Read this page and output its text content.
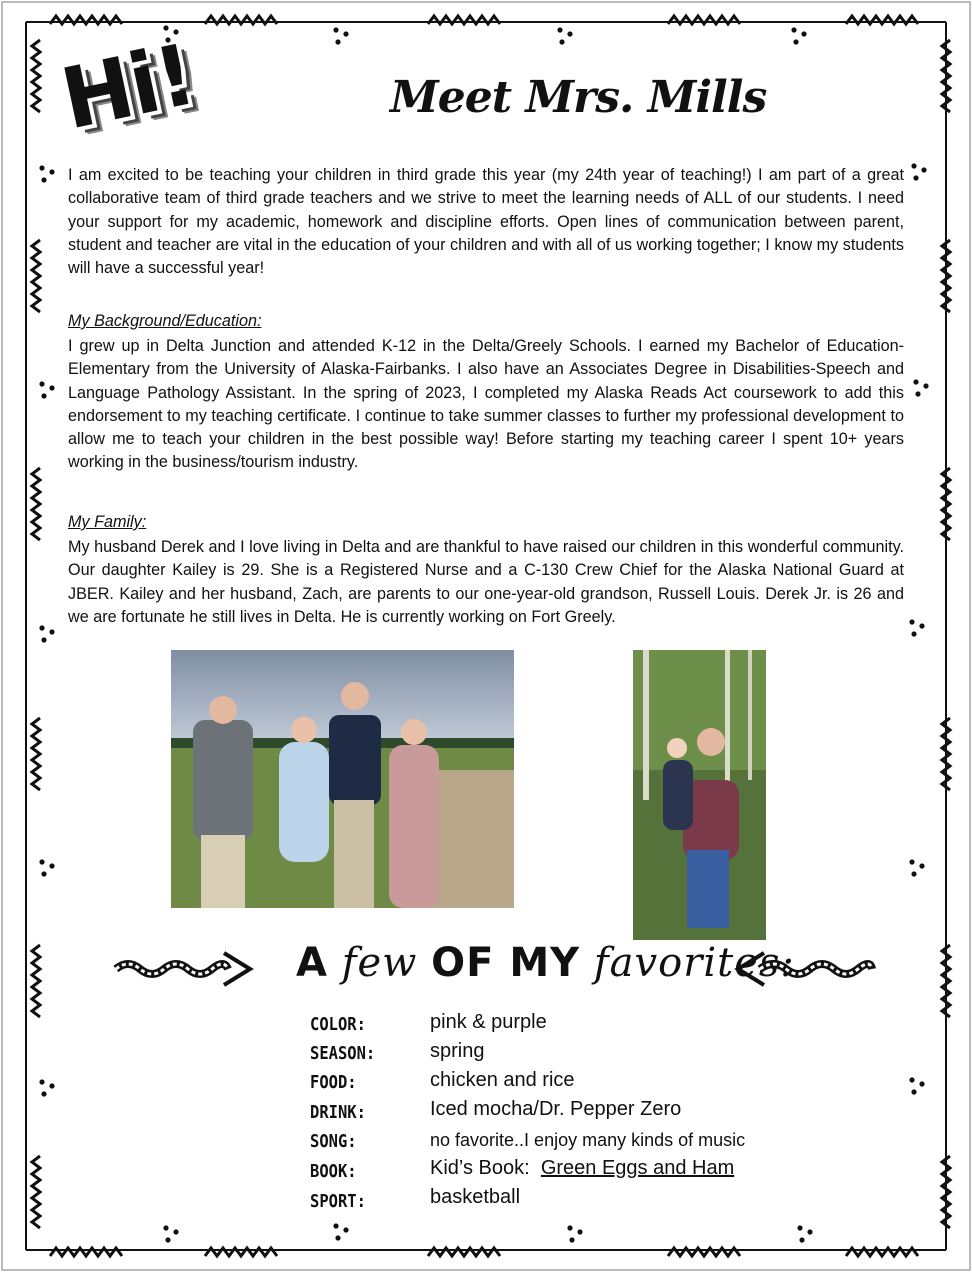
Hi!	Meet Mrs. Mills

I am excited to be teaching your children in third grade this year (my 24th year of teaching!) I am part of a great collaborative team of third grade teachers and we strive to meet the learning needs of ALL of our students. I need your support for my academic, homework and discipline efforts. Open lines of communication between parent, student and teacher are vital in the education of your children and with all of us working together; I know my students will have a successful year!

My Background/Education:

I grew up in Delta Junction and attended K-12 in the Delta/Greely Schools. I earned my Bachelor of Education-Elementary from the University of Alaska-Fairbanks. I also have an Associates Degree in Disabilities-Speech and Language Pathology Assistant. In the spring of 2023, I completed my Alaska Reads Act coursework to add this endorsement to my teaching certificate. I continue to take summer classes to further my professional development to allow me to teach your children in the best possible way! Before starting my teaching career I spent 10+ years working in the business/tourism industry.

My Family:

My husband Derek and I love living in Delta and are thankful to have raised our children in this wonderful community. Our daughter Kailey is 29. She is a Registered Nurse and a C-130 Crew Chief for the Alaska National Guard at JBER. Kailey and her husband, Zach, are parents to our one-year-old grandson, Russell Louis. Derek Jr. is 26 and we are fortunate he still lives in Delta. He is currently working on Fort Greely.

A few OF MY favorites:
COLOR:	pink & purple
SEASON:	spring
FOOD:	chicken and rice
DRINK:	Iced mocha/Dr. Pepper Zero
SONG:	no favorite..I enjoy many kinds of music
BOOK:	Kid’s Book:  Green Eggs and Ham
SPORT:	basketball
